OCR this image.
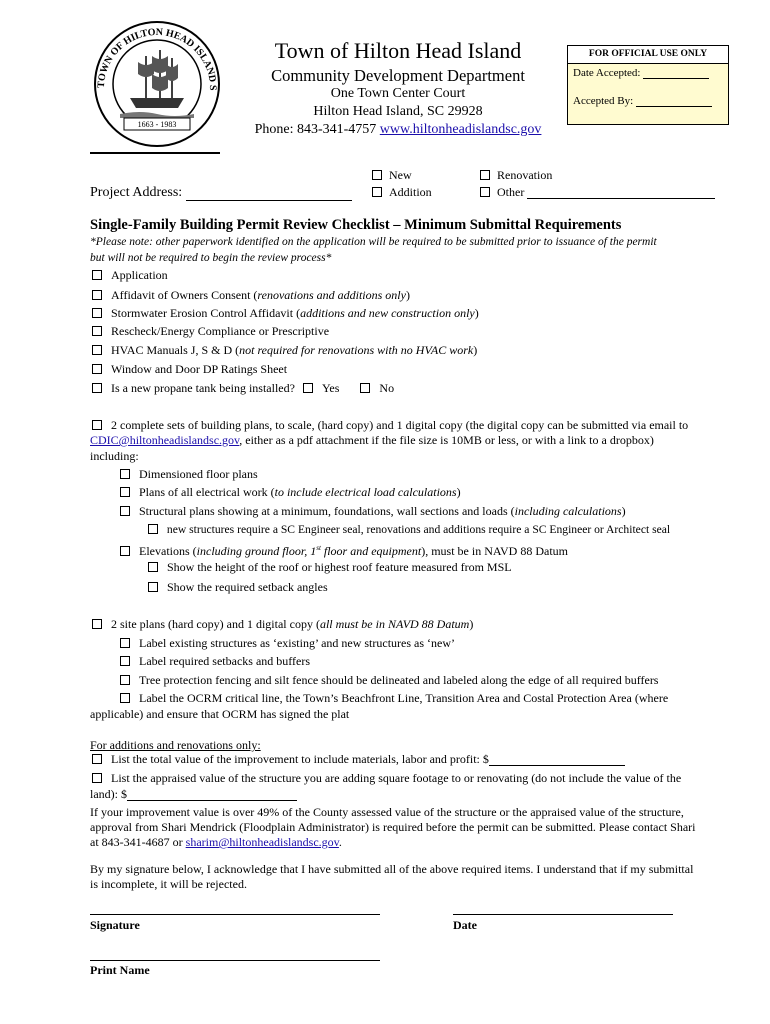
TOWN OF HILTON HEAD ISLAND S
1663 - 1983
Town of Hilton Head Island
Community Development Department
One Town Center Court
Hilton Head Island, SC 29928
Phone: 843-341-4757 www.hiltonheadislandsc.gov
FOR OFFICIAL USE ONLY
Date Accepted:
Accepted By:
Project Address:
New
Addition
Renovation
Other
Single-Family Building Permit Review Checklist – Minimum Submittal Requirements
*Please note: other paperwork identified on the application will be required to be submitted prior to issuance of the permit
but will not be required to begin the review process*
Application
Affidavit of Owners Consent (renovations and additions only)
Stormwater Erosion Control Affidavit (additions and new construction only)
Rescheck/Energy Compliance or Prescriptive
HVAC Manuals J, S & D (not required for renovations with no HVAC work)
Window and Door DP Ratings Sheet
Is a new propane tank being installed? Yes	No
2 complete sets of building plans, to scale, (hard copy) and 1 digital copy (the digital copy can be submitted via email to
CDIC@hiltonheadislandsc.gov, either as a pdf attachment if the file size is 10MB or less, or with a link to a dropbox)
including:
Dimensioned floor plans
Plans of all electrical work (to include electrical load calculations)
Structural plans showing at a minimum, foundations, wall sections and loads (including calculations)
new structures require a SC Engineer seal, renovations and additions require a SC Engineer or Architect seal
Elevations (including ground floor, 1st floor and equipment), must be in NAVD 88 Datum
Show the height of the roof or highest roof feature measured from MSL
Show the required setback angles
2 site plans (hard copy) and 1 digital copy (all must be in NAVD 88 Datum)
Label existing structures as ‘existing’ and new structures as ‘new’
Label required setbacks and buffers
Tree protection fencing and silt fence should be delineated and labeled along the edge of all required buffers
Label the OCRM critical line, the Town’s Beachfront Line, Transition Area and Costal Protection Area (where
applicable) and ensure that OCRM has signed the plat
For additions and renovations only:
List the total value of the improvement to include materials, labor and profit: $
List the appraised value of the structure you are adding square footage to or renovating (do not include the value of the
land): $
If your improvement value is over 49% of the County assessed value of the structure or the appraised value of the structure,
approval from Shari Mendrick (Floodplain Administrator) is required before the permit can be submitted. Please contact Shari
at 843-341-4687 or sharim@hiltonheadislandsc.gov.
By my signature below, I acknowledge that I have submitted all of the above required items. I understand that if my submittal
is incomplete, it will be rejected.
Signature	Date
Print Name
